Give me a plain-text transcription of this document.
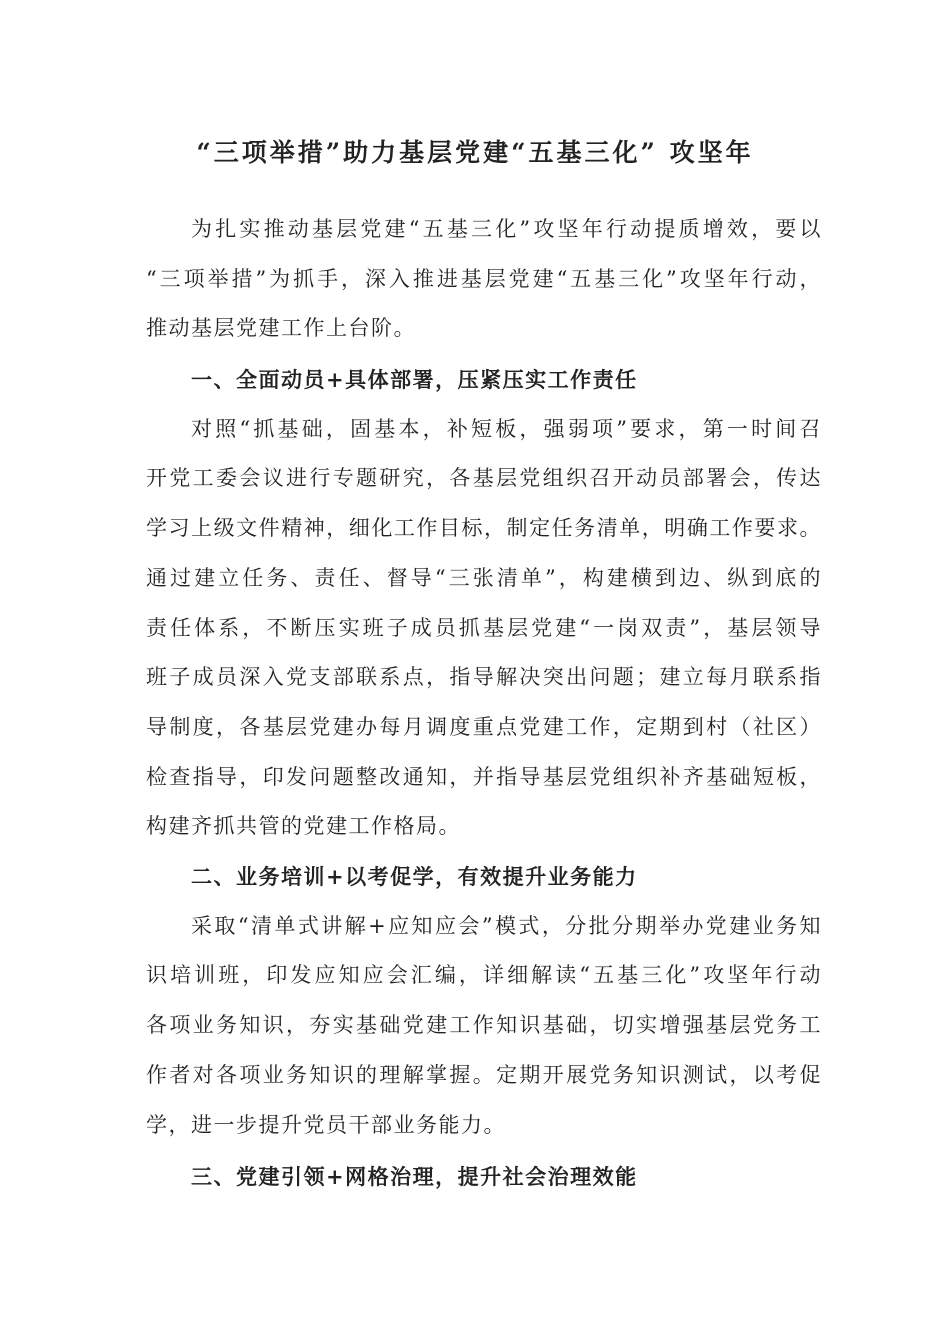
“三项举措”助力基层党建“五基三化” 攻坚年
为扎实推动基层党建“五基三化”攻坚年行动提质增效，要以
“三项举措”为抓手，深入推进基层党建“五基三化”攻坚年行动，
推动基层党建工作上台阶。
一、全面动员+具体部署，压紧压实工作责任
对照“抓基础，固基本，补短板，强弱项”要求，第一时间召
开党工委会议进行专题研究，各基层党组织召开动员部署会，传达
学习上级文件精神，细化工作目标，制定任务清单，明确工作要求。
通过建立任务、责任、督导“三张清单”，构建横到边、纵到底的
责任体系，不断压实班子成员抓基层党建“一岗双责”，基层领导
班子成员深入党支部联系点，指导解决突出问题；建立每月联系指
导制度，各基层党建办每月调度重点党建工作，定期到村（社区）
检查指导，印发问题整改通知，并指导基层党组织补齐基础短板，
构建齐抓共管的党建工作格局。
二、业务培训+以考促学，有效提升业务能力
采取“清单式讲解+应知应会”模式，分批分期举办党建业务知
识培训班，印发应知应会汇编，详细解读“五基三化”攻坚年行动
各项业务知识，夯实基础党建工作知识基础，切实增强基层党务工
作者对各项业务知识的理解掌握。定期开展党务知识测试，以考促
学，进一步提升党员干部业务能力。
三、党建引领+网格治理，提升社会治理效能
